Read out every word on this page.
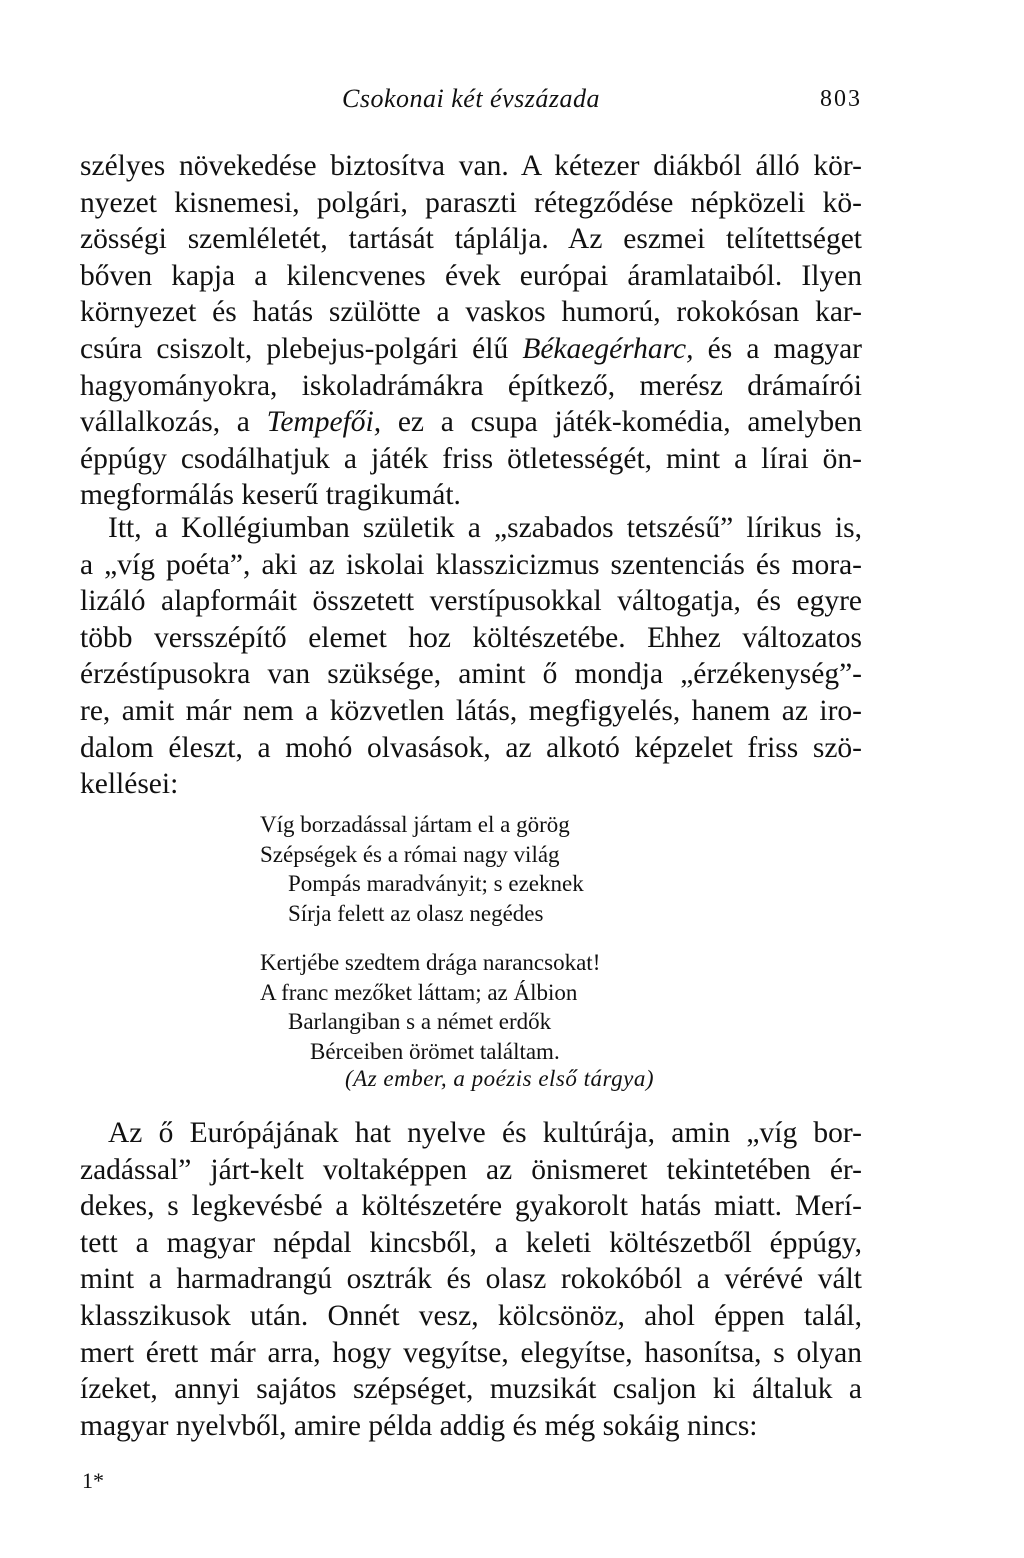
Csokonai két évszázada	803
szélyes növekedése biztosítva van. A kétezer diákból álló kör-
nyezet kisnemesi, polgári, paraszti rétegződése népközeli kö-
zösségi szemléletét, tartását táplálja. Az eszmei telítettséget
bőven kapja a kilencvenes évek európai áramlataiból. Ilyen
környezet és hatás szülötte a vaskos humorú, rokokósan kar-
csúra csiszolt, plebejus-polgári élű Békaegérharc, és a magyar
hagyományokra, iskoladrámákra építkező, merész drámaírói
vállalkozás, a Tempefői, ez a csupa játék-komédia, amelyben
éppúgy csodálhatjuk a játék friss ötletességét, mint a lírai ön-
megformálás keserű tragikumát.
Itt, a Kollégiumban születik a „szabados tetszésű” lírikus is,
a „víg poéta”, aki az iskolai klasszicizmus szentenciás és mora-
lizáló alapformáit összetett verstípusokkal váltogatja, és egyre
több versszépítő elemet hoz költészetébe. Ehhez változatos
érzéstípusokra van szüksége, amint ő mondja „érzékenység”-
re, amit már nem a közvetlen látás, megfigyelés, hanem az iro-
dalom éleszt, a mohó olvasások, az alkotó képzelet friss szö-
kellései:
Víg borzadással jártam el a görög
Szépségek és a római nagy világ
Pompás maradványit; s ezeknek
Sírja felett az olasz negédes
Kertjébe szedtem drága narancsokat!
A franc mezőket láttam; az Álbion
Barlangiban s a német erdők
Bérceiben örömet találtam.
(Az ember, a poézis első tárgya)
Az ő Európájának hat nyelve és kultúrája, amin „víg bor-
zadással” járt-kelt voltaképpen az önismeret tekintetében ér-
dekes, s legkevésbé a költészetére gyakorolt hatás miatt. Merí-
tett a magyar népdal kincsből, a keleti költészetből éppúgy,
mint a harmadrangú osztrák és olasz rokokóból a vérévé vált
klasszikusok után. Onnét vesz, kölcsönöz, ahol éppen talál,
mert érett már arra, hogy vegyítse, elegyítse, hasonítsa, s olyan
ízeket, annyi sajátos szépséget, muzsikát csaljon ki általuk a
magyar nyelvből, amire példa addig és még sokáig nincs:
1*
